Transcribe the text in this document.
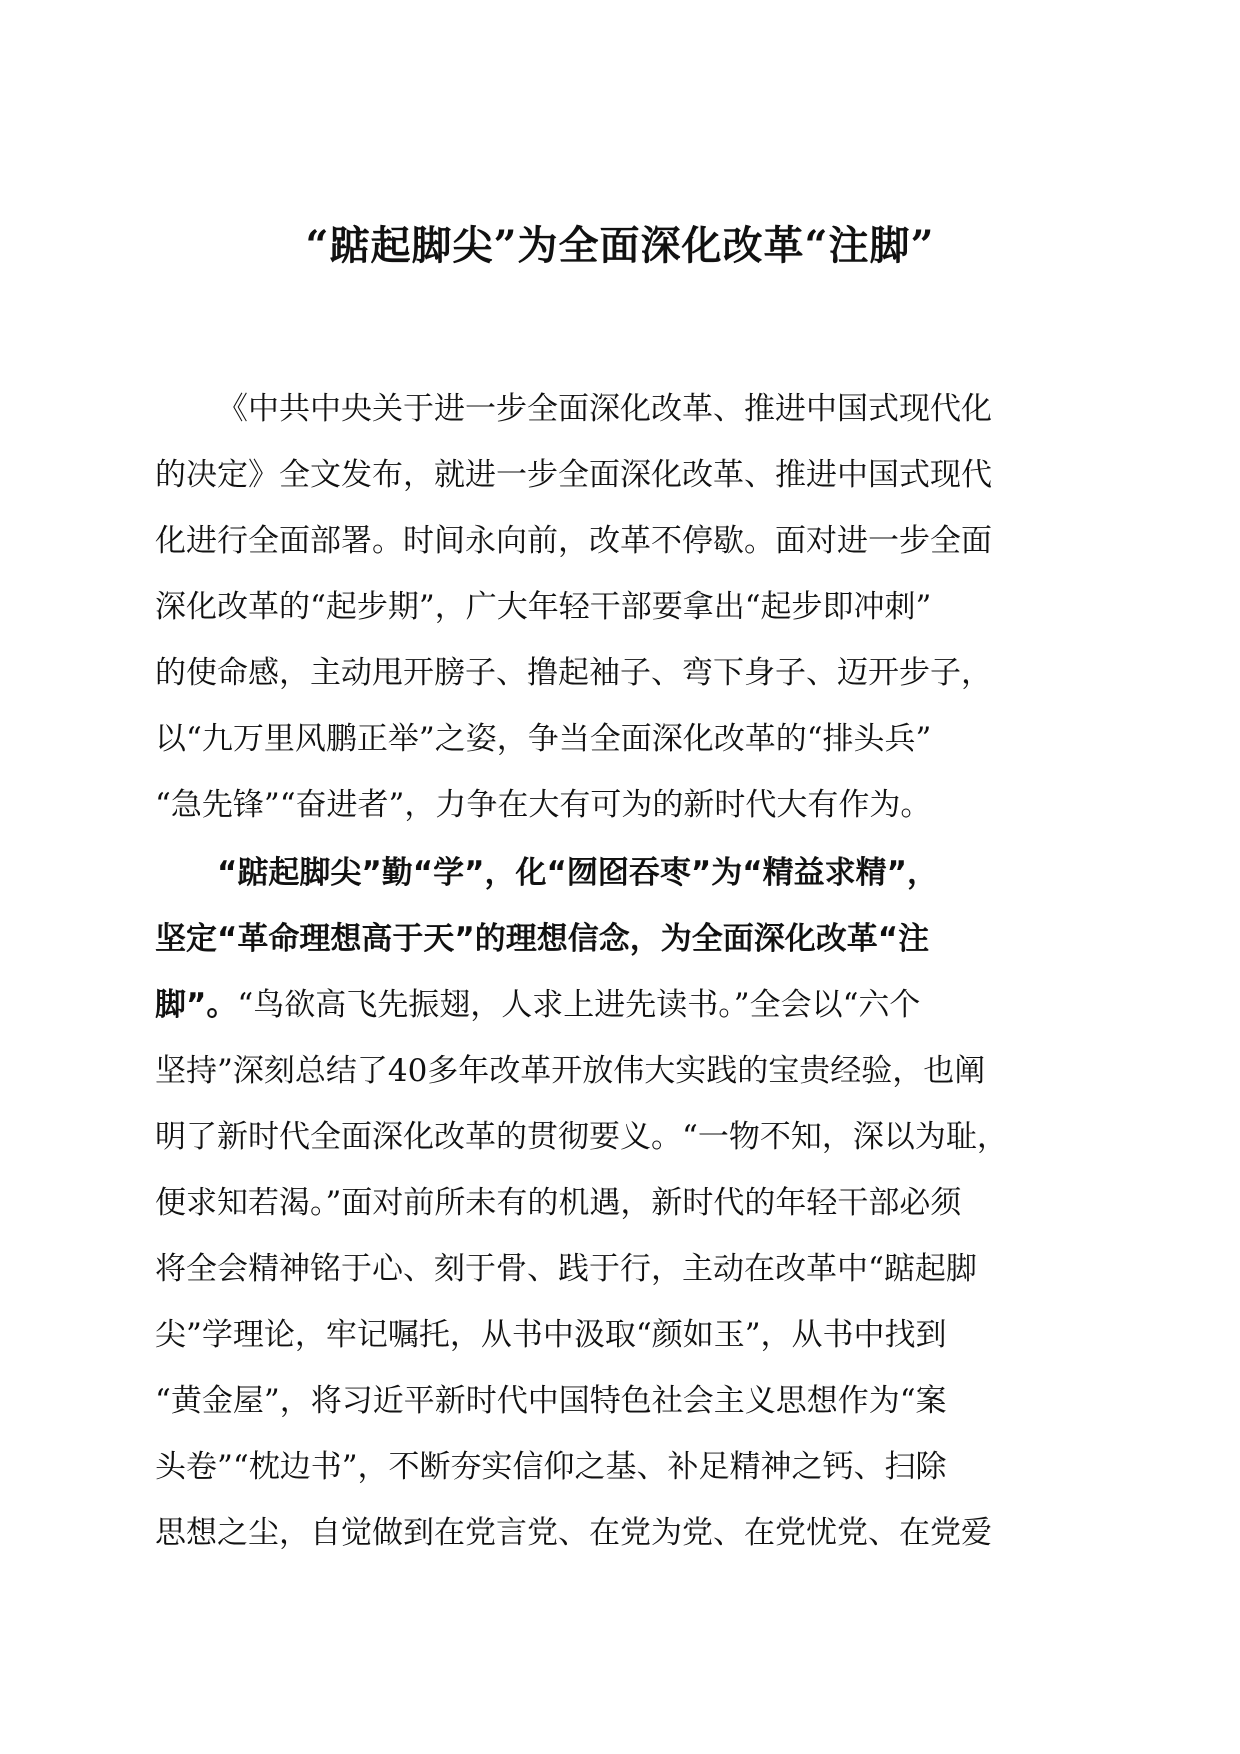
“踮起脚尖”为全面深化改革“注脚”
《中共中央关于进一步全面深化改革、推进中国式现代化
的决定》全文发布，就进一步全面深化改革、推进中国式现代
化进行全面部署。时间永向前，改革不停歇。面对进一步全面
深化改革的“起步期”，广大年轻干部要拿出“起步即冲刺”
的使命感，主动甩开膀子、撸起袖子、弯下身子、迈开步子，
以“九万里风鹏正举”之姿，争当全面深化改革的“排头兵”
“急先锋”“奋进者”，力争在大有可为的新时代大有作为。
“踮起脚尖”勤“学”，化“囫囵吞枣”为“精益求精”，
坚定“革命理想高于天”的理想信念，为全面深化改革“注
脚”。“鸟欲高飞先振翅，人求上进先读书。”全会以“六个
坚持”深刻总结了40多年改革开放伟大实践的宝贵经验，也阐
明了新时代全面深化改革的贯彻要义。“一物不知，深以为耻，
便求知若渴。”面对前所未有的机遇，新时代的年轻干部必须
将全会精神铭于心、刻于骨、践于行，主动在改革中“踮起脚
尖”学理论，牢记嘱托，从书中汲取“颜如玉”，从书中找到
“黄金屋”，将习近平新时代中国特色社会主义思想作为“案
头卷”“枕边书”，不断夯实信仰之基、补足精神之钙、扫除
思想之尘，自觉做到在党言党、在党为党、在党忧党、在党爱
